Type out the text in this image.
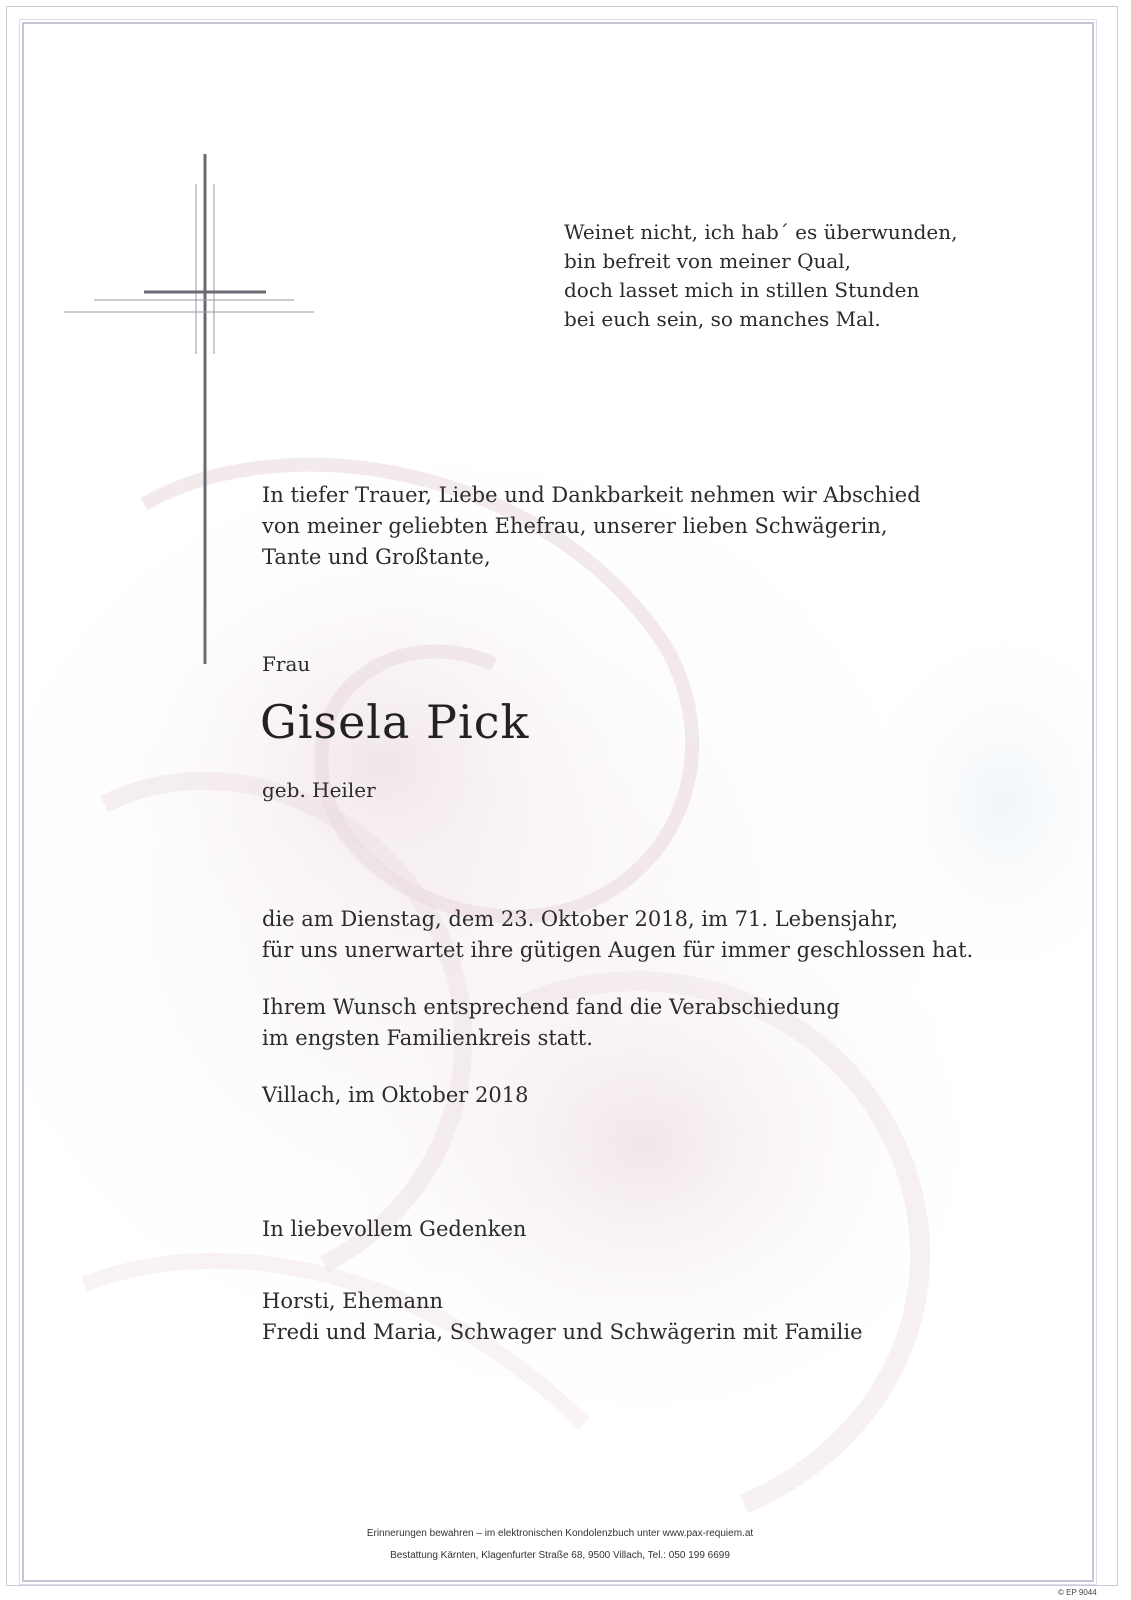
Weinet nicht, ich hab´ es überwunden,
bin befreit von meiner Qual,
doch lasset mich in stillen Stunden
bei euch sein, so manches Mal.
In tiefer Trauer, Liebe und Dankbarkeit nehmen wir Abschied
von meiner geliebten Ehefrau, unserer lieben Schwägerin,
Tante und Großtante,
Frau
Gisela Pick
geb. Heiler
die am Dienstag, dem 23. Oktober 2018, im 71. Lebensjahr,
für uns unerwartet ihre gütigen Augen für immer geschlossen hat.
Ihrem Wunsch entsprechend fand die Verabschiedung
im engsten Familienkreis statt.
Villach, im Oktober 2018
In liebevollem Gedenken
Horsti, Ehemann
Fredi und Maria, Schwager und Schwägerin mit Familie
Erinnerungen bewahren – im elektronischen Kondolenzbuch unter www.pax-requiem.at
Bestattung Kärnten, Klagenfurter Straße 68, 9500 Villach, Tel.: 050 199 6699
© EP 9044
